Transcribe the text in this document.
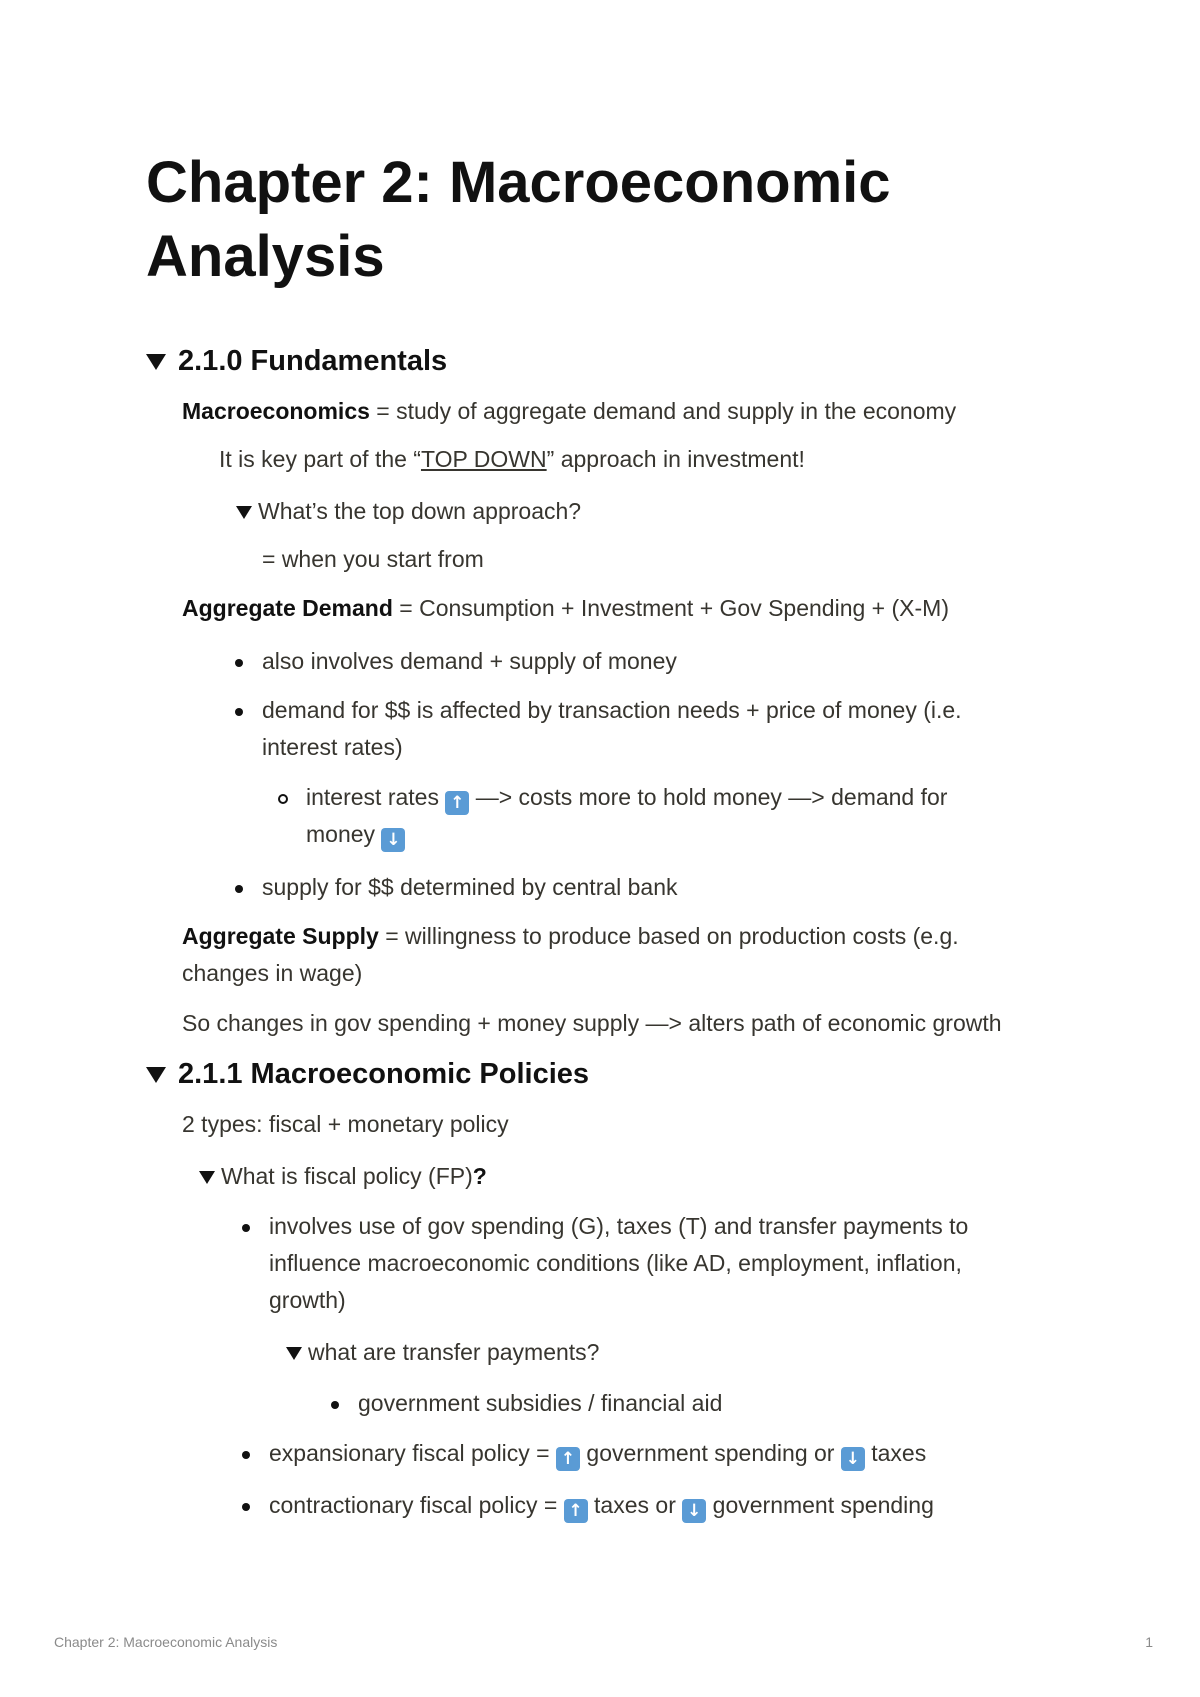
Chapter 2: Macroeconomic Analysis
2.1.0 Fundamentals
Macroeconomics = study of aggregate demand and supply in the economy
It is key part of the “TOP DOWN” approach in investment!
What’s the top down approach?
= when you start from
Aggregate Demand = Consumption + Investment + Gov Spending + (X-M)
also involves demand + supply of money
demand for $$ is affected by transaction needs + price of money (i.e.
interest rates)
interest rates ↑ —> costs more to hold money —> demand for
money ↓
supply for $$ determined by central bank
Aggregate Supply = willingness to produce based on production costs (e.g.
changes in wage)
So changes in gov spending + money supply —> alters path of economic growth
2.1.1 Macroeconomic Policies
2 types: fiscal + monetary policy
What is fiscal policy (FP)?
involves use of gov spending (G), taxes (T) and transfer payments to
influence macroeconomic conditions (like AD, employment, inflation,
growth)
what are transfer payments?
government subsidies / financial aid
expansionary fiscal policy = ↑ government spending or ↓ taxes
contractionary fiscal policy = ↑ taxes or ↓ government spending
Chapter 2: Macroeconomic Analysis	1
